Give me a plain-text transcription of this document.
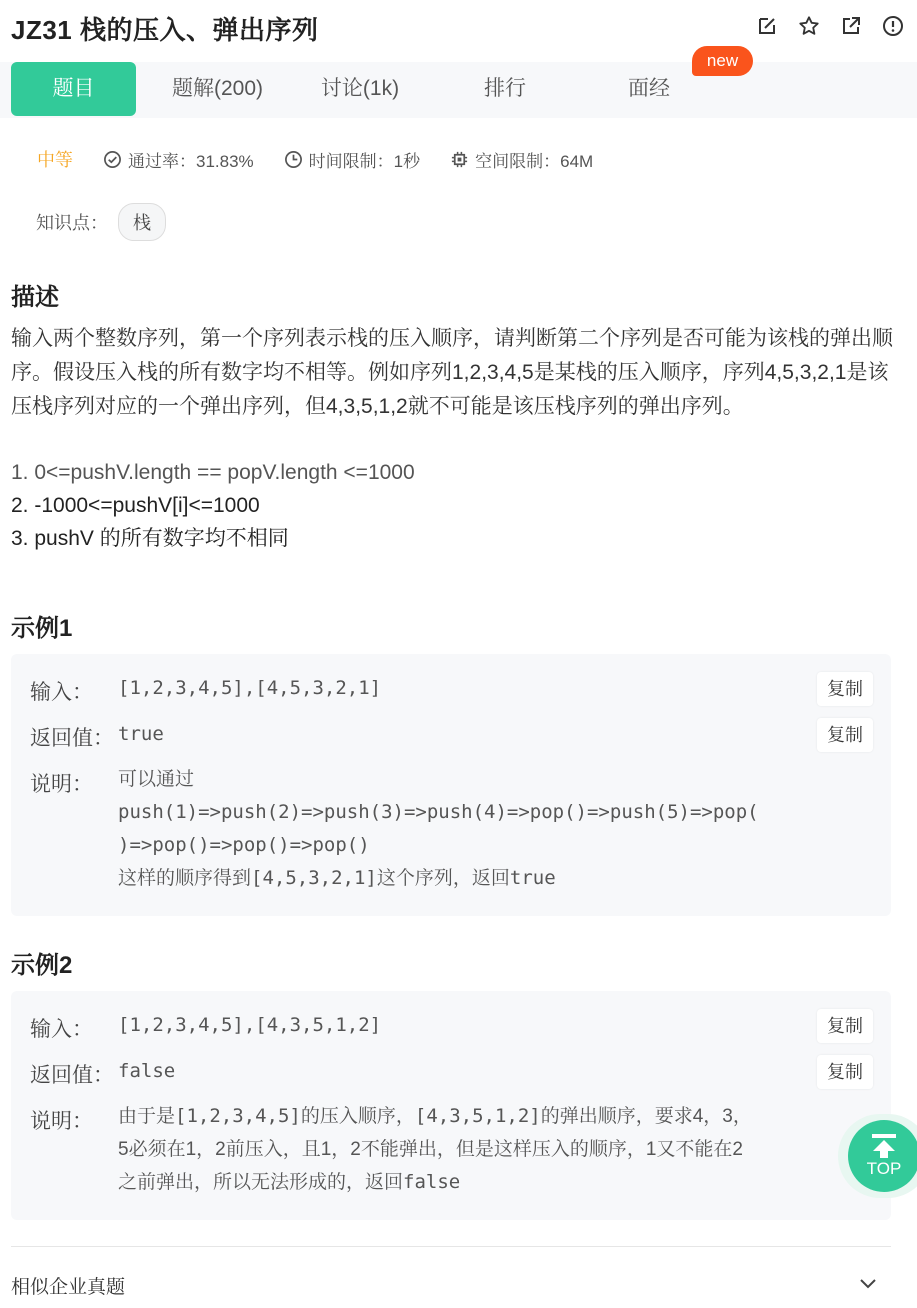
JZ31 栈的压入、弹出序列
题目	题解(200)	讨论(1k)	排行	面经
new
中等	通过率：31.83%	时间限制：1秒	空间限制：64M
知识点：	栈
描述
输入两个整数序列，第一个序列表示栈的压入顺序，请判断第二个序列是否可能为该栈的弹出顺序。假设压入栈的所有数字均不相等。例如序列1,2,3,4,5是某栈的压入顺序，序列4,5,3,2,1是该压栈序列对应的一个弹出序列，但4,3,5,1,2就不可能是该压栈序列的弹出序列。
1. 0<=pushV.length == popV.length <=1000
2. -1000<=pushV[i]<=1000
3. pushV 的所有数字均不相同
示例1
输入： [1,2,3,4,5],[4,5,3,2,1]	复制
返回值： true	复制
说明： 可以通过
push(1)=>push(2)=>push(3)=>push(4)=>pop()=>push(5)=>pop(
)=>pop()=>pop()=>pop()
这样的顺序得到[4,5,3,2,1]这个序列，返回true
示例2
输入： [1,2,3,4,5],[4,3,5,1,2]	复制
返回值： false	复制
说明： 由于是[1,2,3,4,5]的压入顺序，[4,3,5,1,2]的弹出顺序，要求4，3，
5必须在1，2前压入，且1，2不能弹出，但是这样压入的顺序，1又不能在2
之前弹出，所以无法形成的，返回false
TOP
相似企业真题
